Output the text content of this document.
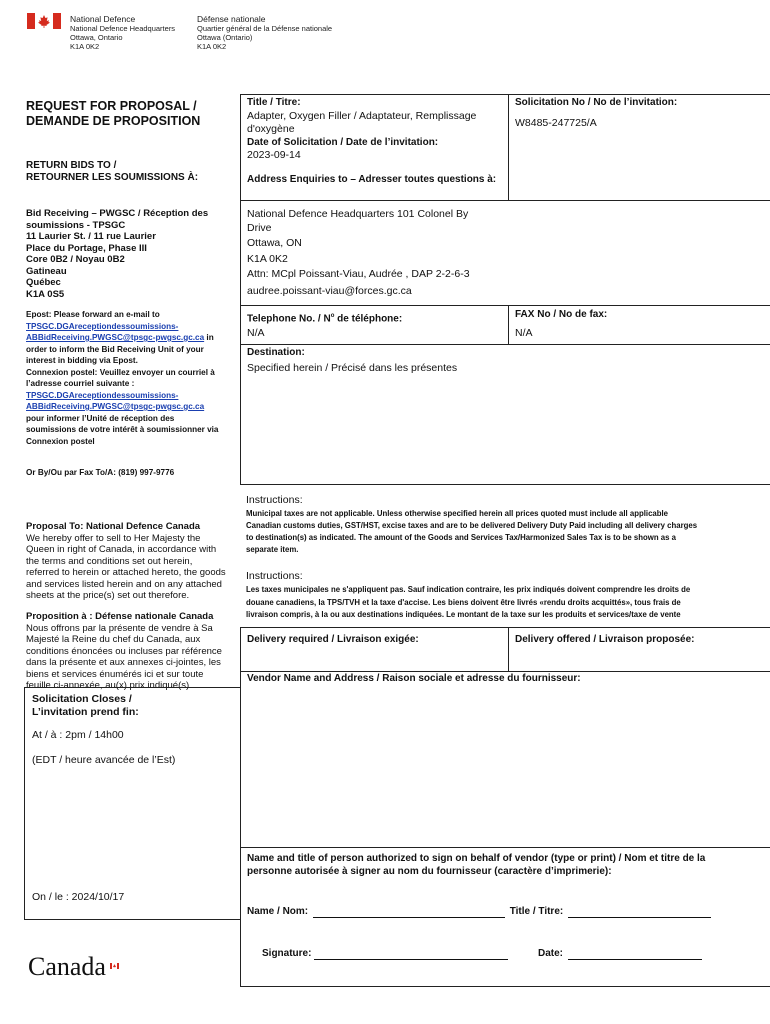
National Defence
National Defence Headquarters
Ottawa, Ontario
K1A 0K2
Défense nationale
Quartier général de la Défense nationale
Ottawa (Ontario)
K1A 0K2
REQUEST FOR PROPOSAL /
DEMANDE DE PROPOSITION
RETURN BIDS TO /
RETOURNER LES SOUMISSIONS À:
Bid Receiving – PWGSC / Réception des
soumissions - TPSGC
11 Laurier St. / 11 rue Laurier
Place du Portage, Phase III
Core 0B2 / Noyau 0B2
Gatineau
Québec
K1A 0S5
Epost: Please forward an e-mail to
TPSGC.DGAreceptiondessoumissions-
ABBidReceiving.PWGSC@tpsgc-pwgsc.gc.ca in
order to inform the Bid Receiving Unit of your
interest in bidding via Epost.
Connexion postel: Veuillez envoyer un courriel à
l’adresse courriel suivante :
TPSGC.DGAreceptiondessoumissions-
ABBidReceiving.PWGSC@tpsgc-pwgsc.gc.ca
pour informer l’Unité de réception des
soumissions de votre intérêt à soumissionner via
Connexion postel
Or By/Ou par Fax To/A: (819) 997-9776
Proposal To: National Defence Canada
We hereby offer to sell to Her Majesty the
Queen in right of Canada, in accordance with
the terms and conditions set out herein,
referred to herein or attached hereto, the goods
and services listed herein and on any attached
sheets at the price(s) set out therefore.
Proposition à : Défense nationale Canada
Nous offrons par la présente de vendre à Sa
Majesté la Reine du chef du Canada, aux
conditions énoncées ou incluses par référence
dans la présente et aux annexes ci-jointes, les
biens et services énumérés ici et sur toute
feuille ci-annexée, au(x) prix indiqué(s).
Solicitation Closes /
L’invitation prend fin:
At / à : 2pm / 14h00
(EDT / heure avancée de l’Est)
On / le : 2024/10/17
Canada
Title / Titre:
Adapter, Oxygen Filler / Adaptateur, Remplissage d'oxygène
Date of Solicitation / Date de l’invitation:
2023-09-14
Solicitation No / No de l’invitation:
W8485-247725/A
Address Enquiries to – Adresser toutes questions à:
National Defence Headquarters 101 Colonel By
Drive
Ottawa, ON
K1A 0K2
Attn: MCpl Poissant-Viau, Audrée , DAP 2-2-6-3
audree.poissant-viau@forces.gc.ca
Telephone No. / $N^o$ de téléphone:
N/A
FAX No / No de fax:
N/A
Destination:
Specified herein / Précisé dans les présentes
Instructions:
Municipal taxes are not applicable. Unless otherwise specified herein all prices quoted must include all applicable
Canadian customs duties, GST/HST, excise taxes and are to be delivered Delivery Duty Paid including all delivery charges
to destination(s) as indicated. The amount of the Goods and Services Tax/Harmonized Sales Tax is to be shown as a
separate item.
Instructions:
Les taxes municipales ne s'appliquent pas. Sauf indication contraire, les prix indiqués doivent comprendre les droits de
douane canadiens, la TPS/TVH et la taxe d'accise. Les biens doivent être livrés «rendu droits acquittés», tous frais de
livraison compris, à la ou aux destinations indiquées. Le montant de la taxe sur les produits et services/taxe de vente
Delivery required / Livraison exigée:	Delivery offered / Livraison proposée:
Vendor Name and Address / Raison sociale et adresse du fournisseur:
Name and title of person authorized to sign on behalf of vendor (type or print) / Nom et titre de la
personne autorisée à signer au nom du fournisseur (caractère d’imprimerie):
Name / Nom:	Title / Titre:
Signature:	Date:
